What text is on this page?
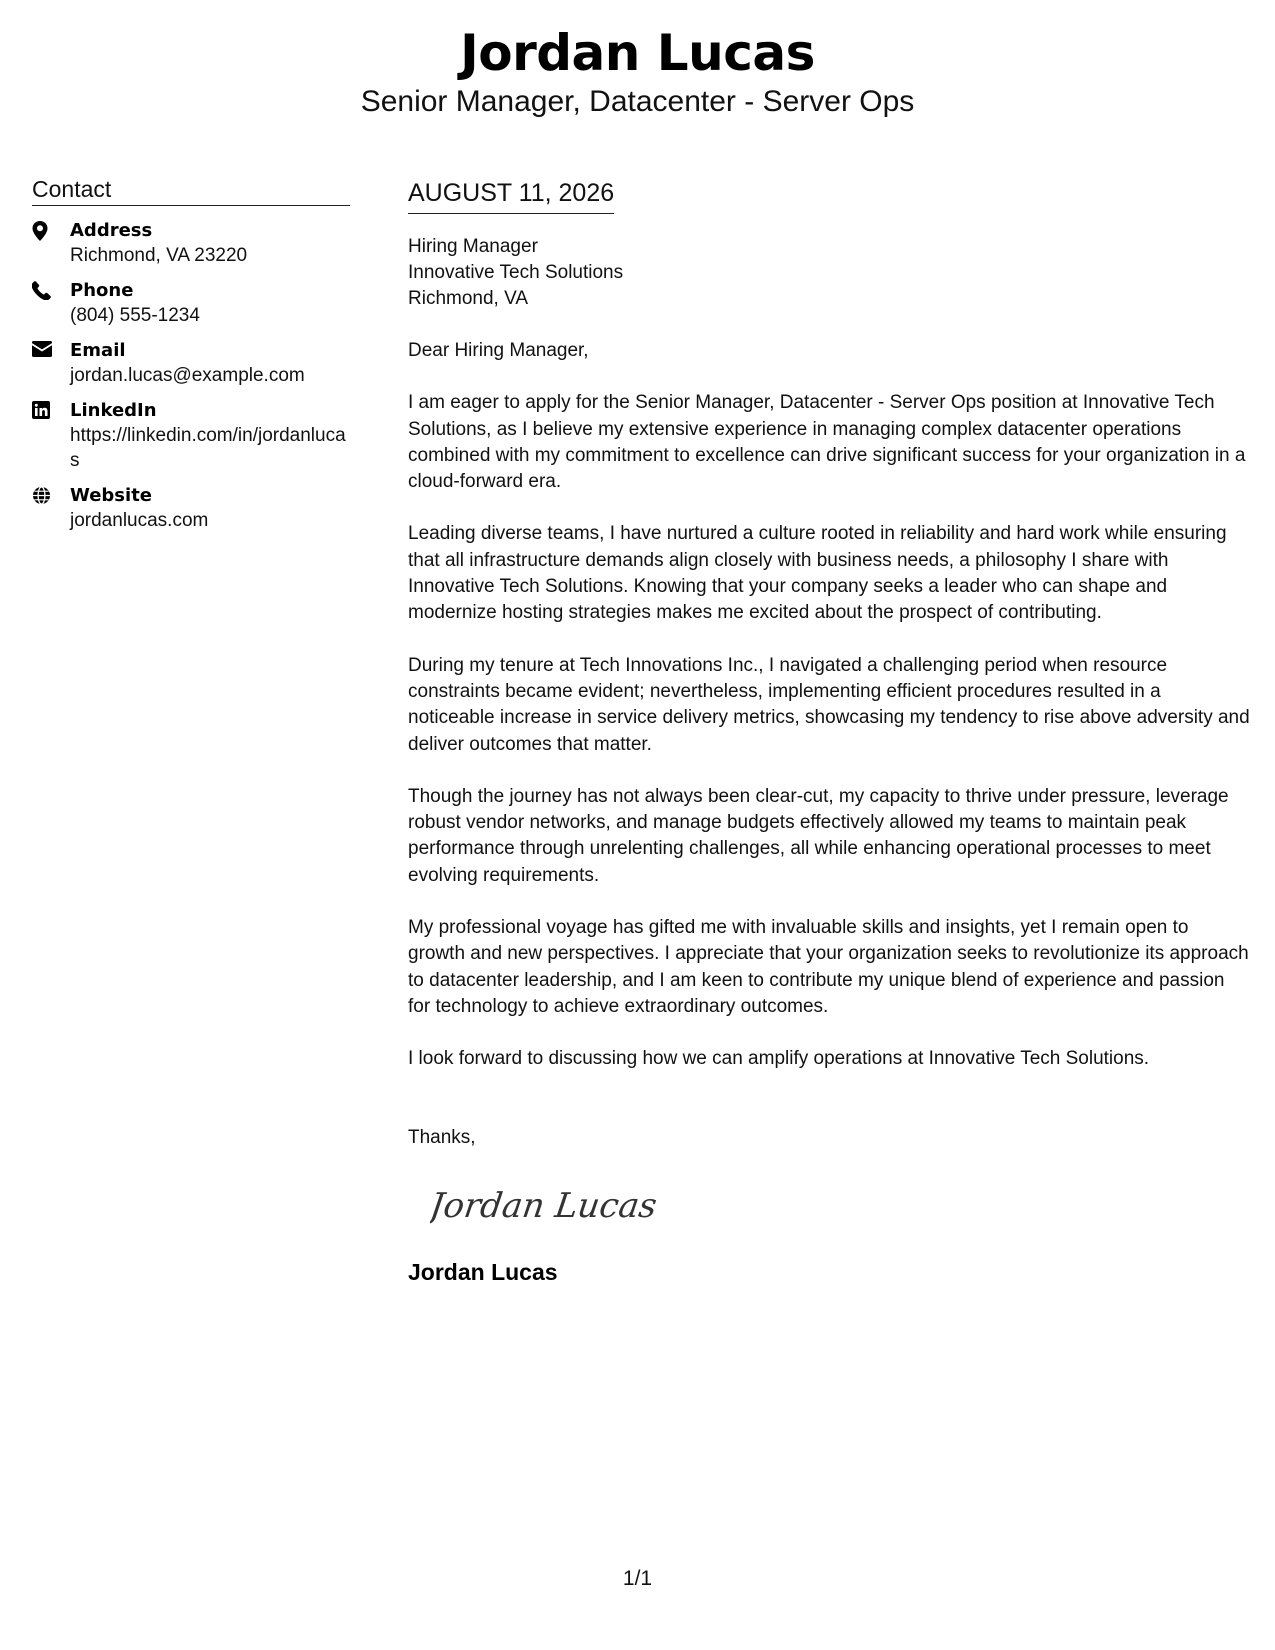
Jordan Lucas
Senior Manager, Datacenter - Server Ops
Contact
Address
Richmond, VA 23220
Phone
(804) 555-1234
Email
jordan.lucas@example.com
LinkedIn
https://linkedin.com/in/jordanlucas
Website
jordanlucas.com
AUGUST 11, 2026
Hiring Manager
Innovative Tech Solutions
Richmond, VA

Dear Hiring Manager,

I am eager to apply for the Senior Manager, Datacenter - Server Ops position at Innovative Tech Solutions, as I believe my extensive experience in managing complex datacenter operations combined with my commitment to excellence can drive significant success for your organization in a cloud-forward era.

Leading diverse teams, I have nurtured a culture rooted in reliability and hard work while ensuring that all infrastructure demands align closely with business needs, a philosophy I share with Innovative Tech Solutions. Knowing that your company seeks a leader who can shape and modernize hosting strategies makes me excited about the prospect of contributing.

During my tenure at Tech Innovations Inc., I navigated a challenging period when resource constraints became evident; nevertheless, implementing efficient procedures resulted in a noticeable increase in service delivery metrics, showcasing my tendency to rise above adversity and deliver outcomes that matter.

Though the journey has not always been clear-cut, my capacity to thrive under pressure, leverage robust vendor networks, and manage budgets effectively allowed my teams to maintain peak performance through unrelenting challenges, all while enhancing operational processes to meet evolving requirements.

My professional voyage has gifted me with invaluable skills and insights, yet I remain open to growth and new perspectives. I appreciate that your organization seeks to revolutionize its approach to datacenter leadership, and I am keen to contribute my unique blend of experience and passion for technology to achieve extraordinary outcomes.

I look forward to discussing how we can amplify operations at Innovative Tech Solutions.

Thanks,
Jordan Lucas
Jordan Lucas
1/1
